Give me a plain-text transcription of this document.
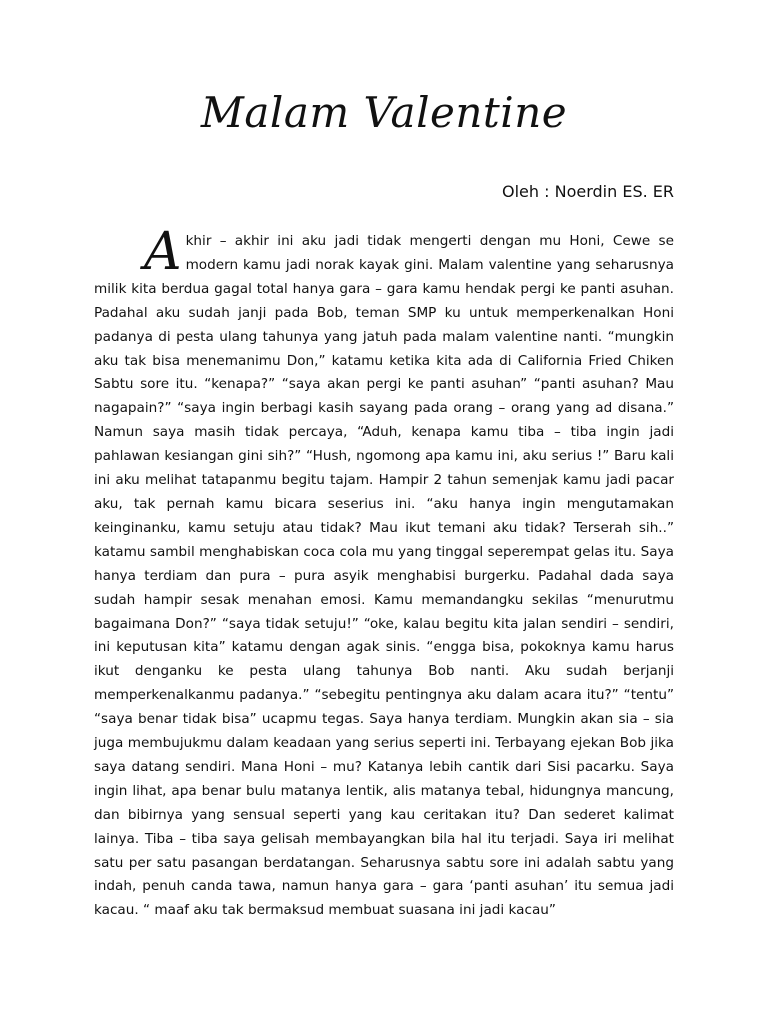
Malam Valentine
Oleh : Noerdin ES. ER

Akhir – akhir ini aku jadi tidak mengerti dengan mu Honi, Cewe se modern kamu jadi norak kayak gini. Malam valentine yang seharusnya milik kita berdua gagal total hanya gara – gara kamu hendak pergi ke panti asuhan. Padahal aku sudah janji pada Bob, teman SMP ku untuk memperkenalkan Honi padanya di pesta ulang tahunya yang jatuh pada malam valentine nanti. “mungkin aku tak bisa menemanimu Don,” katamu ketika kita ada di California Fried Chiken Sabtu sore itu. “kenapa?” “saya akan pergi ke panti asuhan” “panti asuhan? Mau nagapain?” “saya ingin berbagi kasih sayang pada orang – orang yang ad disana.” Namun saya masih tidak percaya, “Aduh, kenapa kamu tiba – tiba ingin jadi pahlawan kesiangan gini sih?” “Hush, ngomong apa kamu ini, aku serius !” Baru kali ini aku melihat tatapanmu begitu tajam. Hampir 2 tahun semenjak kamu jadi pacar aku, tak pernah kamu bicara seserius ini. “aku hanya ingin mengutamakan keinginanku, kamu setuju atau tidak? Mau ikut temani aku tidak? Terserah sih..” katamu sambil menghabiskan coca cola mu yang tinggal seperempat gelas itu. Saya hanya terdiam dan pura – pura asyik menghabisi burgerku. Padahal dada saya sudah hampir sesak menahan emosi. Kamu memandangku sekilas “menurutmu bagaimana Don?” “saya tidak setuju!” “oke, kalau begitu kita jalan sendiri – sendiri, ini keputusan kita” katamu dengan agak sinis. “engga bisa, pokoknya kamu harus ikut denganku ke pesta ulang tahunya Bob nanti. Aku sudah berjanji memperkenalkanmu padanya.” “sebegitu pentingnya aku dalam acara itu?” “tentu” “saya benar tidak bisa” ucapmu tegas. Saya hanya terdiam. Mungkin akan sia – sia juga membujukmu dalam keadaan yang serius seperti ini. Terbayang ejekan Bob jika saya datang sendiri. Mana Honi – mu? Katanya lebih cantik dari Sisi pacarku. Saya ingin lihat, apa benar bulu matanya lentik, alis matanya tebal, hidungnya mancung, dan bibirnya yang sensual seperti yang kau ceritakan itu? Dan sederet kalimat lainya. Tiba – tiba saya gelisah membayangkan bila hal itu terjadi. Saya iri melihat satu per satu pasangan berdatangan. Seharusnya sabtu sore ini adalah sabtu yang indah, penuh canda tawa, namun hanya gara – gara ‘panti asuhan’ itu semua jadi kacau. “ maaf aku tak bermaksud membuat suasana ini jadi kacau”
